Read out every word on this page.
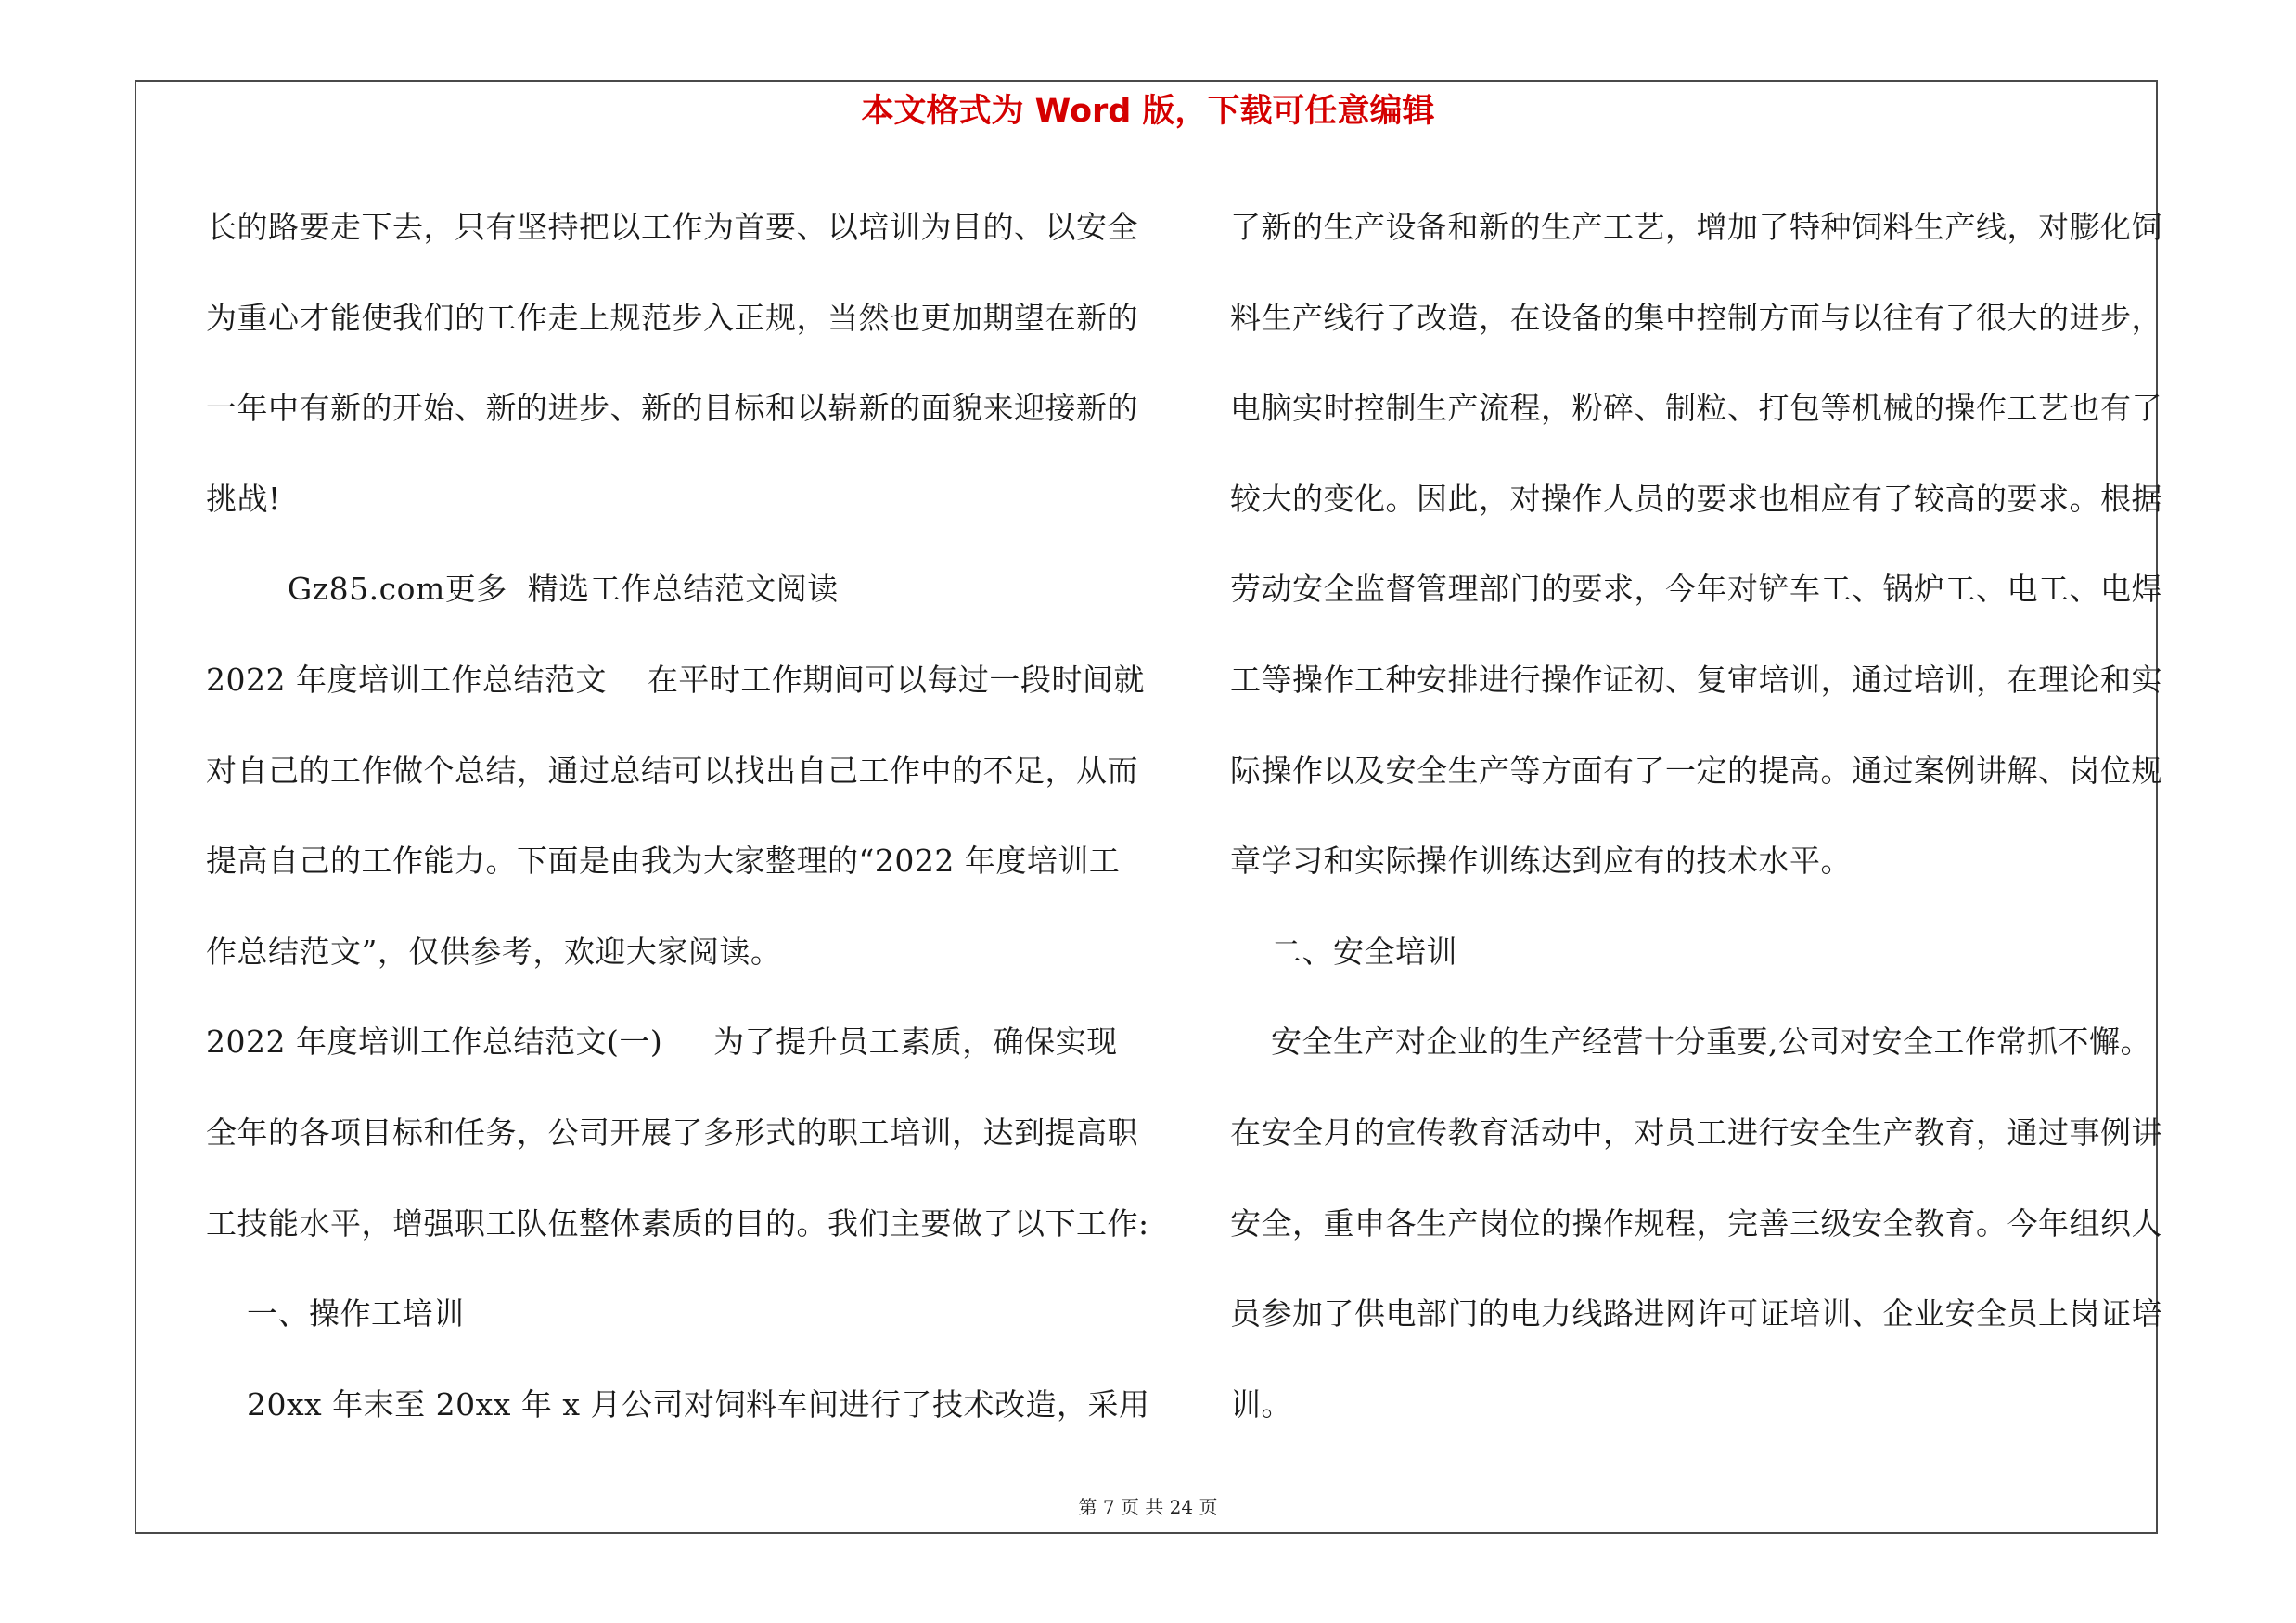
本文格式为 Word 版，下载可任意编辑
长的路要走下去，只有坚持把以工作为首要、以培训为目的、以安全
为重心才能使我们的工作走上规范步入正规，当然也更加期望在新的
一年中有新的开始、新的进步、新的目标和以崭新的面貌来迎接新的
挑战!
Gz85.com更多  精选工作总结范文阅读
2022 年度培训工作总结范文    在平时工作期间可以每过一段时间就
对自己的工作做个总结，通过总结可以找出自己工作中的不足，从而
提高自己的工作能力。下面是由我为大家整理的“2022 年度培训工
作总结范文”，仅供参考，欢迎大家阅读。
2022 年度培训工作总结范文(一)     为了提升员工素质，确保实现
全年的各项目标和任务，公司开展了多形式的职工培训，达到提高职
工技能水平，增强职工队伍整体素质的目的。我们主要做了以下工作:
一、操作工培训
20xx 年末至 20xx 年 x 月公司对饲料车间进行了技术改造，采用
了新的生产设备和新的生产工艺，增加了特种饲料生产线，对膨化饲
料生产线行了改造，在设备的集中控制方面与以往有了很大的进步，
电脑实时控制生产流程，粉碎、制粒、打包等机械的操作工艺也有了
较大的变化。因此，对操作人员的要求也相应有了较高的要求。根据
劳动安全监督管理部门的要求，今年对铲车工、锅炉工、电工、电焊
工等操作工种安排进行操作证初、复审培训，通过培训，在理论和实
际操作以及安全生产等方面有了一定的提高。通过案例讲解、岗位规
章学习和实际操作训练达到应有的技术水平。
二、安全培训
安全生产对企业的生产经营十分重要,公司对安全工作常抓不懈。
在安全月的宣传教育活动中，对员工进行安全生产教育，通过事例讲
安全，重申各生产岗位的操作规程，完善三级安全教育。今年组织人
员参加了供电部门的电力线路进网许可证培训、企业安全员上岗证培
训。
第 7 页 共 24 页
